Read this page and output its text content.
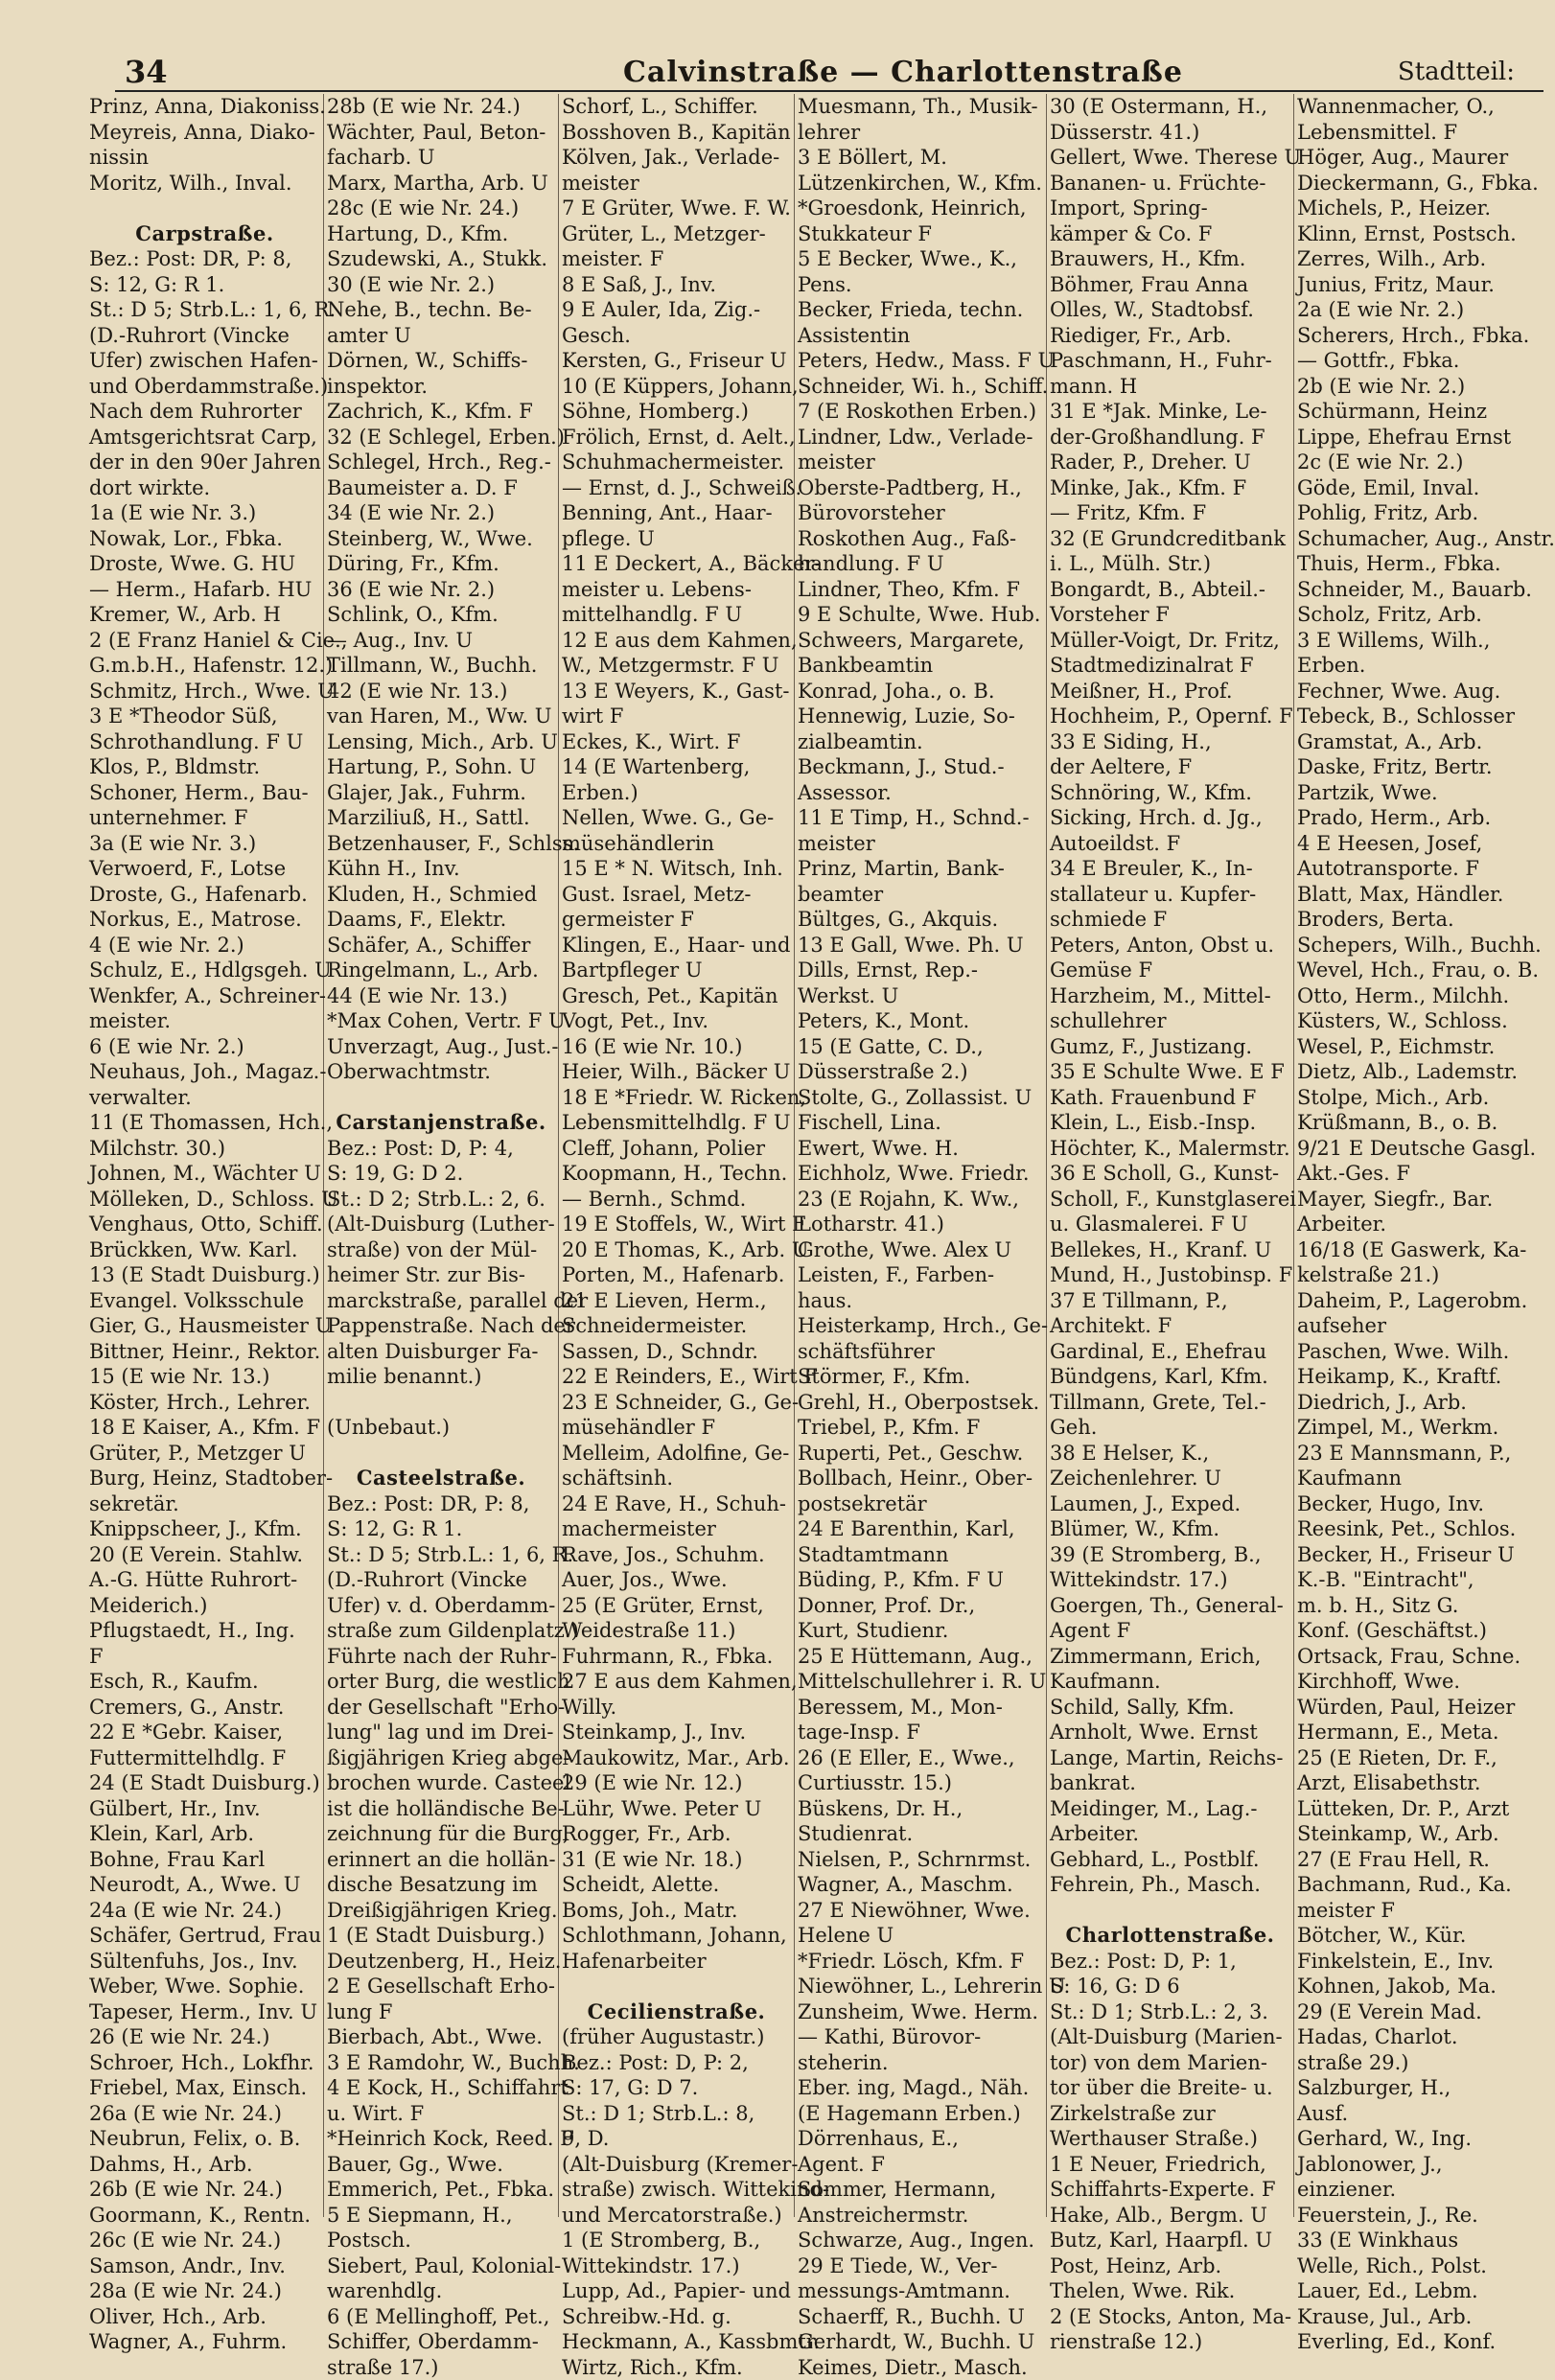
34	Calvinstraße — Charlottenstraße	Stadtteil:
Prinz, Anna, Diakoniss.
Meyreis, Anna, Diako-
nissin
Moritz, Wilh., Inval.

Carpstraße.
Bez.: Post: DR, P: 8,
S: 12, G: R 1.
St.: D 5; Strb.L.: 1, 6, R.
(D.-Ruhrort (Vincke
Ufer) zwischen Hafen-
und Oberdammstraße.)
Nach dem Ruhrorter
Amtsgerichtsrat Carp,
der in den 90er Jahren
dort wirkte.
1a (E wie Nr. 3.)
Nowak, Lor., Fbka.
Droste, Wwe. G. HU
— Herm., Hafarb. HU
Kremer, W., Arb. H
2 (E Franz Haniel & Cie.,
G.m.b.H., Hafenstr. 12.)
Schmitz, Hrch., Wwe. U
3 E *Theodor Süß,
Schrothandlung. F U
Klos, P., Bldmstr.
Schoner, Herm., Bau-
unternehmer. F
3a (E wie Nr. 3.)
Verwoerd, F., Lotse
Droste, G., Hafenarb.
Norkus, E., Matrose.
4 (E wie Nr. 2.)
Schulz, E., Hdlgsgeh. U
Wenkfer, A., Schreiner-
meister.
6 (E wie Nr. 2.)
Neuhaus, Joh., Magaz.-
verwalter.
11 (E Thomassen, Hch.,
Milchstr. 30.)
Johnen, M., Wächter U
Mölleken, D., Schloss. U
Venghaus, Otto, Schiff.
Brückken, Ww. Karl.
13 (E Stadt Duisburg.)
Evangel. Volksschule
Gier, G., Hausmeister U
Bittner, Heinr., Rektor.
15 (E wie Nr. 13.)
Köster, Hrch., Lehrer.
18 E Kaiser, A., Kfm. F
Grüter, P., Metzger U
Burg, Heinz, Stadtober-
sekretär.
Knippscheer, J., Kfm.
20 (E Verein. Stahlw.
A.-G. Hütte Ruhrort-
Meiderich.)
Pflugstaedt, H., Ing.
F
Esch, R., Kaufm.
Cremers, G., Anstr.
22 E *Gebr. Kaiser,
Futtermittelhdlg. F
24 (E Stadt Duisburg.)
Gülbert, Hr., Inv.
Klein, Karl, Arb.
Bohne, Frau Karl
Neurodt, A., Wwe. U
24a (E wie Nr. 24.)
Schäfer, Gertrud, Frau
Sültenfuhs, Jos., Inv.
Weber, Wwe. Sophie.
Tapeser, Herm., Inv. U
26 (E wie Nr. 24.)
Schroer, Hch., Lokfhr.
Friebel, Max, Einsch.
26a (E wie Nr. 24.)
Neubrun, Felix, o. B.
Dahms, H., Arb.
26b (E wie Nr. 24.)
Goormann, K., Rentn.
26c (E wie Nr. 24.)
Samson, Andr., Inv.
28a (E wie Nr. 24.)
Oliver, Hch., Arb.
Wagner, A., Fuhrm.
28b (E wie Nr. 24.)
Wächter, Paul, Beton-
facharb. U
Marx, Martha, Arb. U
28c (E wie Nr. 24.)
Hartung, D., Kfm.
Szudewski, A., Stukk.
30 (E wie Nr. 2.)
Nehe, B., techn. Be-
amter U
Dörnen, W., Schiffs-
inspektor.
Zachrich, K., Kfm. F
32 (E Schlegel, Erben.)
Schlegel, Hrch., Reg.-
Baumeister a. D. F
34 (E wie Nr. 2.)
Steinberg, W., Wwe.
Düring, Fr., Kfm.
36 (E wie Nr. 2.)
Schlink, O., Kfm.
— Aug., Inv. U
Tillmann, W., Buchh.
42 (E wie Nr. 13.)
van Haren, M., Ww. U
Lensing, Mich., Arb. U
Hartung, P., Sohn. U
Glajer, Jak., Fuhrm.
Marziliuß, H., Sattl.
Betzenhauser, F., Schlss.
Kühn H., Inv.
Kluden, H., Schmied
Daams, F., Elektr.
Schäfer, A., Schiffer
Ringelmann, L., Arb.
44 (E wie Nr. 13.)
*Max Cohen, Vertr. F U
Unverzagt, Aug., Just.-
Oberwachtmstr.

Carstanjenstraße.
Bez.: Post: D, P: 4,
S: 19, G: D 2.
St.: D 2; Strb.L.: 2, 6.
(Alt-Duisburg (Luther-
straße) von der Mül-
heimer Str. zur Bis-
marckstraße, parallel der
Pappenstraße. Nach der
alten Duisburger Fa-
milie benannt.)

(Unbebaut.)

Casteelstraße.
Bez.: Post: DR, P: 8,
S: 12, G: R 1.
St.: D 5; Strb.L.: 1, 6, R.
(D.-Ruhrort (Vincke
Ufer) v. d. Oberdamm-
straße zum Gildenplatz.)
Führte nach der Ruhr-
orter Burg, die westlich
der Gesellschaft "Erho-
lung" lag und im Drei-
ßigjährigen Krieg abge-
brochen wurde. Casteel
ist die holländische Be-
zeichnung für die Burg,
erinnert an die hollän-
dische Besatzung im
Dreißigjährigen Krieg.
1 (E Stadt Duisburg.)
Deutzenberg, H., Heiz.
2 E Gesellschaft Erho-
lung F
Bierbach, Abt., Wwe.
3 E Ramdohr, W., Buchh.
4 E Kock, H., Schiffahrt
u. Wirt. F
*Heinrich Kock, Reed. F
Bauer, Gg., Wwe.
Emmerich, Pet., Fbka.
5 E Siepmann, H.,
Postsch.
Siebert, Paul, Kolonial-
warenhdlg.
6 (E Mellinghoff, Pet.,
Schiffer, Oberdamm-
straße 17.)
Schorf, L., Schiffer.
Bosshoven B., Kapitän
Kölven, Jak., Verlade-
meister
7 E Grüter, Wwe. F. W.
Grüter, L., Metzger-
meister. F
8 E Saß, J., Inv.
9 E Auler, Ida, Zig.-
Gesch.
Kersten, G., Friseur U
10 (E Küppers, Johann,
Söhne, Homberg.)
Frölich, Ernst, d. Aelt.,
Schuhmachermeister.
— Ernst, d. J., Schweiß.
Benning, Ant., Haar-
pflege. U
11 E Deckert, A., Bäcker-
meister u. Lebens-
mittelhandlg. F U
12 E aus dem Kahmen,
W., Metzgermstr. F U
13 E Weyers, K., Gast-
wirt F
Eckes, K., Wirt. F
14 (E Wartenberg,
Erben.)
Nellen, Wwe. G., Ge-
müsehändlerin
15 E * N. Witsch, Inh.
Gust. Israel, Metz-
germeister F
Klingen, E., Haar- und
Bartpfleger U
Gresch, Pet., Kapitän
Vogt, Pet., Inv.
16 (E wie Nr. 10.)
Heier, Wilh., Bäcker U
18 E *Friedr. W. Ricken,
Lebensmittelhdlg. F U
Cleff, Johann, Polier
Koopmann, H., Techn.
— Bernh., Schmd.
19 E Stoffels, W., Wirt F
20 E Thomas, K., Arb. U
Porten, M., Hafenarb.
21 E Lieven, Herm.,
Schneidermeister.
Sassen, D., Schndr.
22 E Reinders, E., Wirt F
23 E Schneider, G., Ge-
müsehändler F
Melleim, Adolfine, Ge-
schäftsinh.
24 E Rave, H., Schuh-
machermeister
Rave, Jos., Schuhm.
Auer, Jos., Wwe.
25 (E Grüter, Ernst,
Weidestraße 11.)
Fuhrmann, R., Fbka.
27 E aus dem Kahmen,
Willy.
Steinkamp, J., Inv.
Maukowitz, Mar., Arb.
29 (E wie Nr. 12.)
Lühr, Wwe. Peter U
Rogger, Fr., Arb.
31 (E wie Nr. 18.)
Scheidt, Alette.
Boms, Joh., Matr.
Schlothmann, Johann,
Hafenarbeiter

Cecilienstraße.
(früher Augustastr.)
Bez.: Post: D, P: 2,
S: 17, G: D 7.
St.: D 1; Strb.L.: 8,
9, D.
(Alt-Duisburg (Kremer-
straße) zwisch. Wittekind-
und Mercatorstraße.)
1 (E Stromberg, B.,
Wittekindstr. 17.)
Lupp, Ad., Papier- und
Schreibw.-Hd. g.
Heckmann, A., Kassbmtr.
Wirtz, Rich., Kfm.
Muesmann, Th., Musik-
lehrer
3 E Böllert, M.
Lützenkirchen, W., Kfm.
*Groesdonk, Heinrich,
Stukkateur F
5 E Becker, Wwe., K.,
Pens.
Becker, Frieda, techn.
Assistentin
Peters, Hedw., Mass. F U
Schneider, Wi. h., Schiff.
7 (E Roskothen Erben.)
Lindner, Ldw., Verlade-
meister
Oberste-Padtberg, H.,
Bürovorsteher
Roskothen Aug., Faß-
handlung. F U
Lindner, Theo, Kfm. F
9 E Schulte, Wwe. Hub.
Schweers, Margarete,
Bankbeamtin
Konrad, Joha., o. B.
Hennewig, Luzie, So-
zialbeamtin.
Beckmann, J., Stud.-
Assessor.
11 E Timp, H., Schnd.-
meister
Prinz, Martin, Bank-
beamter
Bültges, G., Akquis.
13 E Gall, Wwe. Ph. U
Dills, Ernst, Rep.-
Werkst. U
Peters, K., Mont.
15 (E Gatte, C. D.,
Düsserstraße 2.)
Stolte, G., Zollassist. U
Fischell, Lina.
Ewert, Wwe. H.
Eichholz, Wwe. Friedr.
23 (E Rojahn, K. Ww.,
Lotharstr. 41.)
Grothe, Wwe. Alex U
Leisten, F., Farben-
haus.
Heisterkamp, Hrch., Ge-
schäftsführer
Störmer, F., Kfm.
Grehl, H., Oberpostsek.
Triebel, P., Kfm. F
Ruperti, Pet., Geschw.
Bollbach, Heinr., Ober-
postsekretär
24 E Barenthin, Karl,
Stadtamtmann
Büding, P., Kfm. F U
Donner, Prof. Dr.,
Kurt, Studienr.
25 E Hüttemann, Aug.,
Mittelschullehrer i. R. U
Beressem, M., Mon-
tage-Insp. F
26 (E Eller, E., Wwe.,
Curtiusstr. 15.)
Büskens, Dr. H.,
Studienrat.
Nielsen, P., Schrnrmst.
Wagner, A., Maschm.
27 E Niewöhner, Wwe.
Helene U
*Friedr. Lösch, Kfm. F
Niewöhner, L., Lehrerin U
Zunsheim, Wwe. Herm.
— Kathi, Bürovor-
steherin.
Eber. ing, Magd., Näh.
(E Hagemann Erben.)
Dörrenhaus, E.,
Agent. F
Sommer, Hermann,
Anstreichermstr.
Schwarze, Aug., Ingen.
29 E Tiede, W., Ver-
messungs-Amtmann.
Schaerff, R., Buchh. U
Gerhardt, W., Buchh. U
Keimes, Dietr., Masch.
30 (E Ostermann, H.,
Düsserstr. 41.)
Gellert, Wwe. Therese U
Bananen- u. Früchte-
Import, Spring-
kämper & Co. F
Brauwers, H., Kfm.
Böhmer, Frau Anna
Olles, W., Stadtobsf.
Riediger, Fr., Arb.
Paschmann, H., Fuhr-
mann. H
31 E *Jak. Minke, Le-
der-Großhandlung. F
Rader, P., Dreher. U
Minke, Jak., Kfm. F
— Fritz, Kfm. F
32 (E Grundcreditbank
i. L., Mülh. Str.)
Bongardt, B., Abteil.-
Vorsteher F
Müller-Voigt, Dr. Fritz,
Stadtmedizinalrat F
Meißner, H., Prof.
Hochheim, P., Opernf. F
33 E Siding, H.,
der Aeltere, F
Schnöring, W., Kfm.
Sicking, Hrch. d. Jg.,
Autoeildst. F
34 E Breuler, K., In-
stallateur u. Kupfer-
schmiede F
Peters, Anton, Obst u.
Gemüse F
Harzheim, M., Mittel-
schullehrer
Gumz, F., Justizang.
35 E Schulte Wwe. E F
Kath. Frauenbund F
Klein, L., Eisb.-Insp.
Höchter, K., Malermstr.
36 E Scholl, G., Kunst-
Scholl, F., Kunstglaserei
u. Glasmalerei. F U
Bellekes, H., Kranf. U
Mund, H., Justobinsp. F
37 E Tillmann, P.,
Architekt. F
Gardinal, E., Ehefrau
Bündgens, Karl, Kfm.
Tillmann, Grete, Tel.-
Geh.
38 E Helser, K.,
Zeichenlehrer. U
Laumen, J., Exped.
Blümer, W., Kfm.
39 (E Stromberg, B.,
Wittekindstr. 17.)
Goergen, Th., General-
Agent F
Zimmermann, Erich,
Kaufmann.
Schild, Sally, Kfm.
Arnholt, Wwe. Ernst
Lange, Martin, Reichs-
bankrat.
Meidinger, M., Lag.-
Arbeiter.
Gebhard, L., Postblf.
Fehrein, Ph., Masch.

Charlottenstraße.
Bez.: Post: D, P: 1,
S: 16, G: D 6
St.: D 1; Strb.L.: 2, 3.
(Alt-Duisburg (Marien-
tor) von dem Marien-
tor über die Breite- u.
Zirkelstraße zur
Werthauser Straße.)
1 E Neuer, Friedrich,
Schiffahrts-Experte. F
Hake, Alb., Bergm. U
Butz, Karl, Haarpfl. U
Post, Heinz, Arb.
Thelen, Wwe. Rik.
2 (E Stocks, Anton, Ma-
rienstraße 12.)
Wannenmacher, O.,
Lebensmittel. F
Höger, Aug., Maurer
Dieckermann, G., Fbka.
Michels, P., Heizer.
Klinn, Ernst, Postsch.
Zerres, Wilh., Arb.
Junius, Fritz, Maur.
2a (E wie Nr. 2.)
Scherers, Hrch., Fbka.
— Gottfr., Fbka.
2b (E wie Nr. 2.)
Schürmann, Heinz
Lippe, Ehefrau Ernst
2c (E wie Nr. 2.)
Göde, Emil, Inval.
Pohlig, Fritz, Arb.
Schumacher, Aug., Anstr.
Thuis, Herm., Fbka.
Schneider, M., Bauarb.
Scholz, Fritz, Arb.
3 E Willems, Wilh.,
Erben.
Fechner, Wwe. Aug.
Tebeck, B., Schlosser
Gramstat, A., Arb.
Daske, Fritz, Bertr.
Partzik, Wwe.
Prado, Herm., Arb.
4 E Heesen, Josef,
Autotransporte. F
Blatt, Max, Händler.
Broders, Berta.
Schepers, Wilh., Buchh.
Wevel, Hch., Frau, o. B.
Otto, Herm., Milchh.
Küsters, W., Schloss.
Wesel, P., Eichmstr.
Dietz, Alb., Lademstr.
Stolpe, Mich., Arb.
Krüßmann, B., o. B.
9/21 E Deutsche Gasgl.
Akt.-Ges. F
Mayer, Siegfr., Bar.
Arbeiter.
16/18 (E Gaswerk, Ka-
kelstraße 21.)
Daheim, P., Lagerobm.
aufseher
Paschen, Wwe. Wilh.
Heikamp, K., Kraftf.
Diedrich, J., Arb.
Zimpel, M., Werkm.
23 E Mannsmann, P.,
Kaufmann
Becker, Hugo, Inv.
Reesink, Pet., Schlos.
Becker, H., Friseur U
K.-B. "Eintracht",
m. b. H., Sitz G.
Konf. (Geschäftst.)
Ortsack, Frau, Schne.
Kirchhoff, Wwe.
Würden, Paul, Heizer
Hermann, E., Meta.
25 (E Rieten, Dr. F.,
Arzt, Elisabethstr.
Lütteken, Dr. P., Arzt
Steinkamp, W., Arb.
27 (E Frau Hell, R.
Bachmann, Rud., Ka.
meister F
Bötcher, W., Kür.
Finkelstein, E., Inv.
Kohnen, Jakob, Ma.
29 (E Verein Mad.
Hadas, Charlot.
straße 29.)
Salzburger, H.,
Ausf.
Gerhard, W., Ing.
Jablonower, J.,
einziener.
Feuerstein, J., Re.
33 (E Winkhaus
Welle, Rich., Polst.
Lauer, Ed., Lebm.
Krause, Jul., Arb.
Everling, Ed., Konf.
